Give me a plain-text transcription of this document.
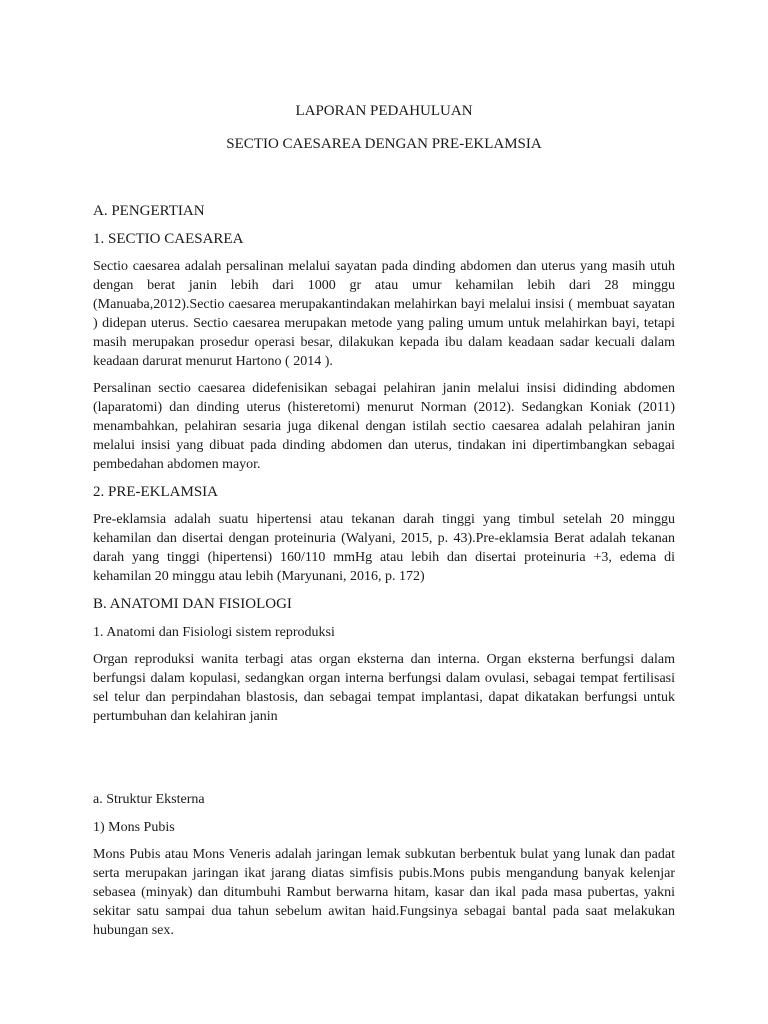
LAPORAN PEDAHULUAN

SECTIO CAESAREA DENGAN PRE-EKLAMSIA

A. PENGERTIAN

1. SECTIO CAESAREA

Sectio caesarea adalah persalinan melalui sayatan pada dinding abdomen dan uterus yang masih utuh dengan berat janin lebih dari 1000 gr atau umur kehamilan lebih dari 28 minggu (Manuaba,2012).Sectio caesarea merupakantindakan melahirkan bayi melalui insisi ( membuat sayatan ) didepan uterus. Sectio caesarea merupakan metode yang paling umum untuk melahirkan bayi, tetapi masih merupakan prosedur operasi besar, dilakukan kepada ibu dalam keadaan sadar kecuali dalam keadaan darurat menurut Hartono ( 2014 ).

Persalinan sectio caesarea didefenisikan sebagai pelahiran janin melalui insisi didinding abdomen (laparatomi) dan dinding uterus (histeretomi) menurut Norman (2012). Sedangkan Koniak (2011) menambahkan, pelahiran sesaria juga dikenal dengan istilah sectio caesarea adalah pelahiran janin melalui insisi yang dibuat pada dinding abdomen dan uterus, tindakan ini dipertimbangkan sebagai pembedahan abdomen mayor.

2. PRE-EKLAMSIA

Pre-eklamsia adalah suatu hipertensi atau tekanan darah tinggi yang timbul setelah 20 minggu kehamilan dan disertai dengan proteinuria (Walyani, 2015, p. 43).Pre-eklamsia Berat adalah tekanan darah yang tinggi (hipertensi) 160/110 mmHg atau lebih dan disertai proteinuria +3, edema di kehamilan 20 minggu atau lebih (Maryunani, 2016, p. 172)

B. ANATOMI DAN FISIOLOGI

1. Anatomi dan Fisiologi sistem reproduksi

Organ reproduksi wanita terbagi atas organ eksterna dan interna. Organ eksterna berfungsi dalam berfungsi dalam kopulasi, sedangkan organ interna berfungsi dalam ovulasi, sebagai tempat fertilisasi sel telur dan perpindahan blastosis, dan sebagai tempat implantasi, dapat dikatakan berfungsi untuk pertumbuhan dan kelahiran janin

a. Struktur Eksterna

1) Mons Pubis

Mons Pubis atau Mons Veneris adalah jaringan lemak subkutan berbentuk bulat yang lunak dan padat serta merupakan jaringan ikat jarang diatas simfisis pubis.Mons pubis mengandung banyak kelenjar sebasea (minyak) dan ditumbuhi Rambut berwarna hitam, kasar dan ikal pada masa pubertas, yakni sekitar satu sampai dua tahun sebelum awitan haid.Fungsinya sebagai bantal pada saat melakukan hubungan sex.
